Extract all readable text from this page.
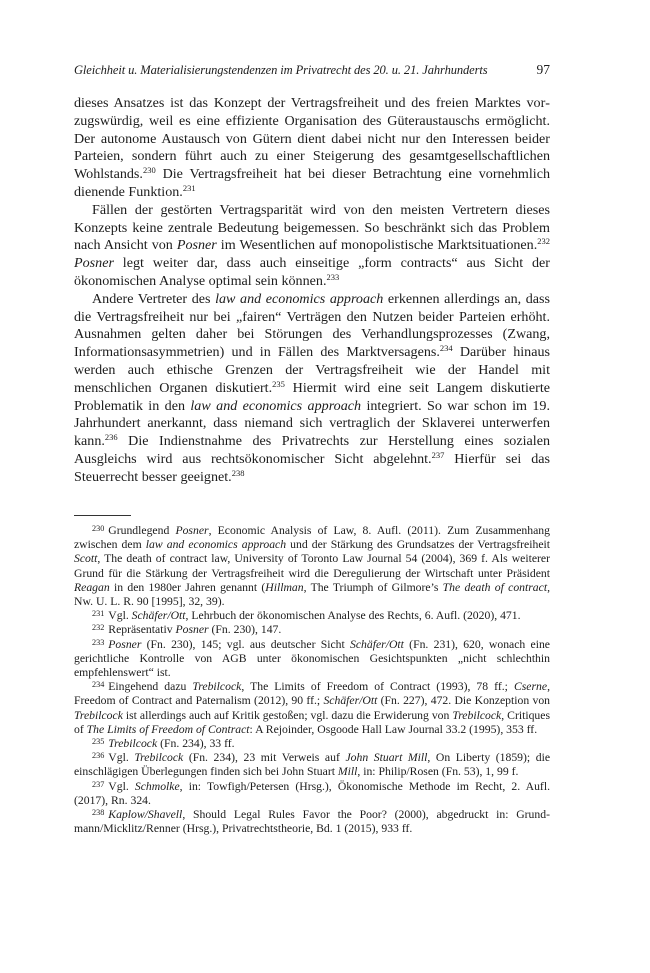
Gleichheit u. Materialisierungstendenzen im Privatrecht des 20. u. 21. Jahrhunderts	97

dieses Ansatzes ist das Konzept der Vertragsfreiheit und des freien Marktes vorzugswürdig, weil es eine effiziente Organisation des Güteraustauschs ermöglicht. Der autonome Austausch von Gütern dient dabei nicht nur den Interessen beider Parteien, sondern führt auch zu einer Steigerung des gesamtgesellschaftlichen Wohlstands.$^{230}$ Die Vertragsfreiheit hat bei dieser Betrachtung eine vornehmlich dienende Funktion.$^{231}$

Fällen der gestörten Vertragsparität wird von den meisten Vertretern dieses Konzepts keine zentrale Bedeutung beigemessen. So beschränkt sich das Problem nach Ansicht von Posner im Wesentlichen auf monopolistische Marktsituationen.$^{232}$ Posner legt weiter dar, dass auch einseitige „form contracts“ aus Sicht der ökonomischen Analyse optimal sein können.$^{233}$

Andere Vertreter des law and economics approach erkennen allerdings an, dass die Vertragsfreiheit nur bei „fairen“ Verträgen den Nutzen beider Parteien erhöht. Ausnahmen gelten daher bei Störungen des Verhandlungsprozesses (Zwang, Informationsasymmetrien) und in Fällen des Marktversagens.$^{234}$ Darüber hinaus werden auch ethische Grenzen der Vertragsfreiheit wie der Handel mit menschlichen Organen diskutiert.$^{235}$ Hiermit wird eine seit Langem diskutierte Problematik in den law and economics approach integriert. So war schon im 19. Jahrhundert anerkannt, dass niemand sich vertraglich der Sklaverei unterwerfen kann.$^{236}$ Die Indienstnahme des Privatrechts zur Herstellung eines sozialen Ausgleichs wird aus rechtsökonomischer Sicht abgelehnt.$^{237}$ Hierfür sei das Steuerrecht besser geeignet.$^{238}$

$^{230}$ Grundlegend Posner, Economic Analysis of Law, 8. Aufl. (2011). Zum Zusammenhang zwischen dem law and economics approach und der Stärkung des Grundsatzes der Vertragsfreiheit Scott, The death of contract law, University of Toronto Law Journal 54 (2004), 369 f. Als weiterer Grund für die Stärkung der Vertragsfreiheit wird die Deregulierung der Wirtschaft unter Präsident Reagan in den 1980er Jahren genannt (Hillman, The Triumph of Gilmore’s The death of contract, Nw. U. L. R. 90 [1995], 32, 39).

$^{231}$ Vgl. Schäfer/Ott, Lehrbuch der ökonomischen Analyse des Rechts, 6. Aufl. (2020), 471.

$^{232}$ Repräsentativ Posner (Fn. 230), 147.

$^{233}$ Posner (Fn. 230), 145; vgl. aus deutscher Sicht Schäfer/Ott (Fn. 231), 620, wonach eine gerichtliche Kontrolle von AGB unter ökonomischen Gesichtspunkten „nicht schlechthin empfehlenswert“ ist.

$^{234}$ Eingehend dazu Trebilcock, The Limits of Freedom of Contract (1993), 78 ff.; Cserne, Freedom of Contract and Paternalism (2012), 90 ff.; Schäfer/Ott (Fn. 227), 472. Die Konzeption von Trebilcock ist allerdings auch auf Kritik gestoßen; vgl. dazu die Erwiderung von Trebilcock, Critiques of The Limits of Freedom of Contract: A Rejoinder, Osgoode Hall Law Journal 33.2 (1995), 353 ff.

$^{235}$ Trebilcock (Fn. 234), 33 ff.

$^{236}$ Vgl. Trebilcock (Fn. 234), 23 mit Verweis auf John Stuart Mill, On Liberty (1859); die einschlägigen Überlegungen finden sich bei John Stuart Mill, in: Philip/Rosen (Fn. 53), 1, 99 f.

$^{237}$ Vgl. Schmolke, in: Towfigh/Petersen (Hrsg.), Ökonomische Methode im Recht, 2. Aufl. (2017), Rn. 324.

$^{238}$ Kaplow/Shavell, Should Legal Rules Favor the Poor? (2000), abgedruckt in: Grundmann/Micklitz/Renner (Hrsg.), Privatrechtstheorie, Bd. 1 (2015), 933 ff.
